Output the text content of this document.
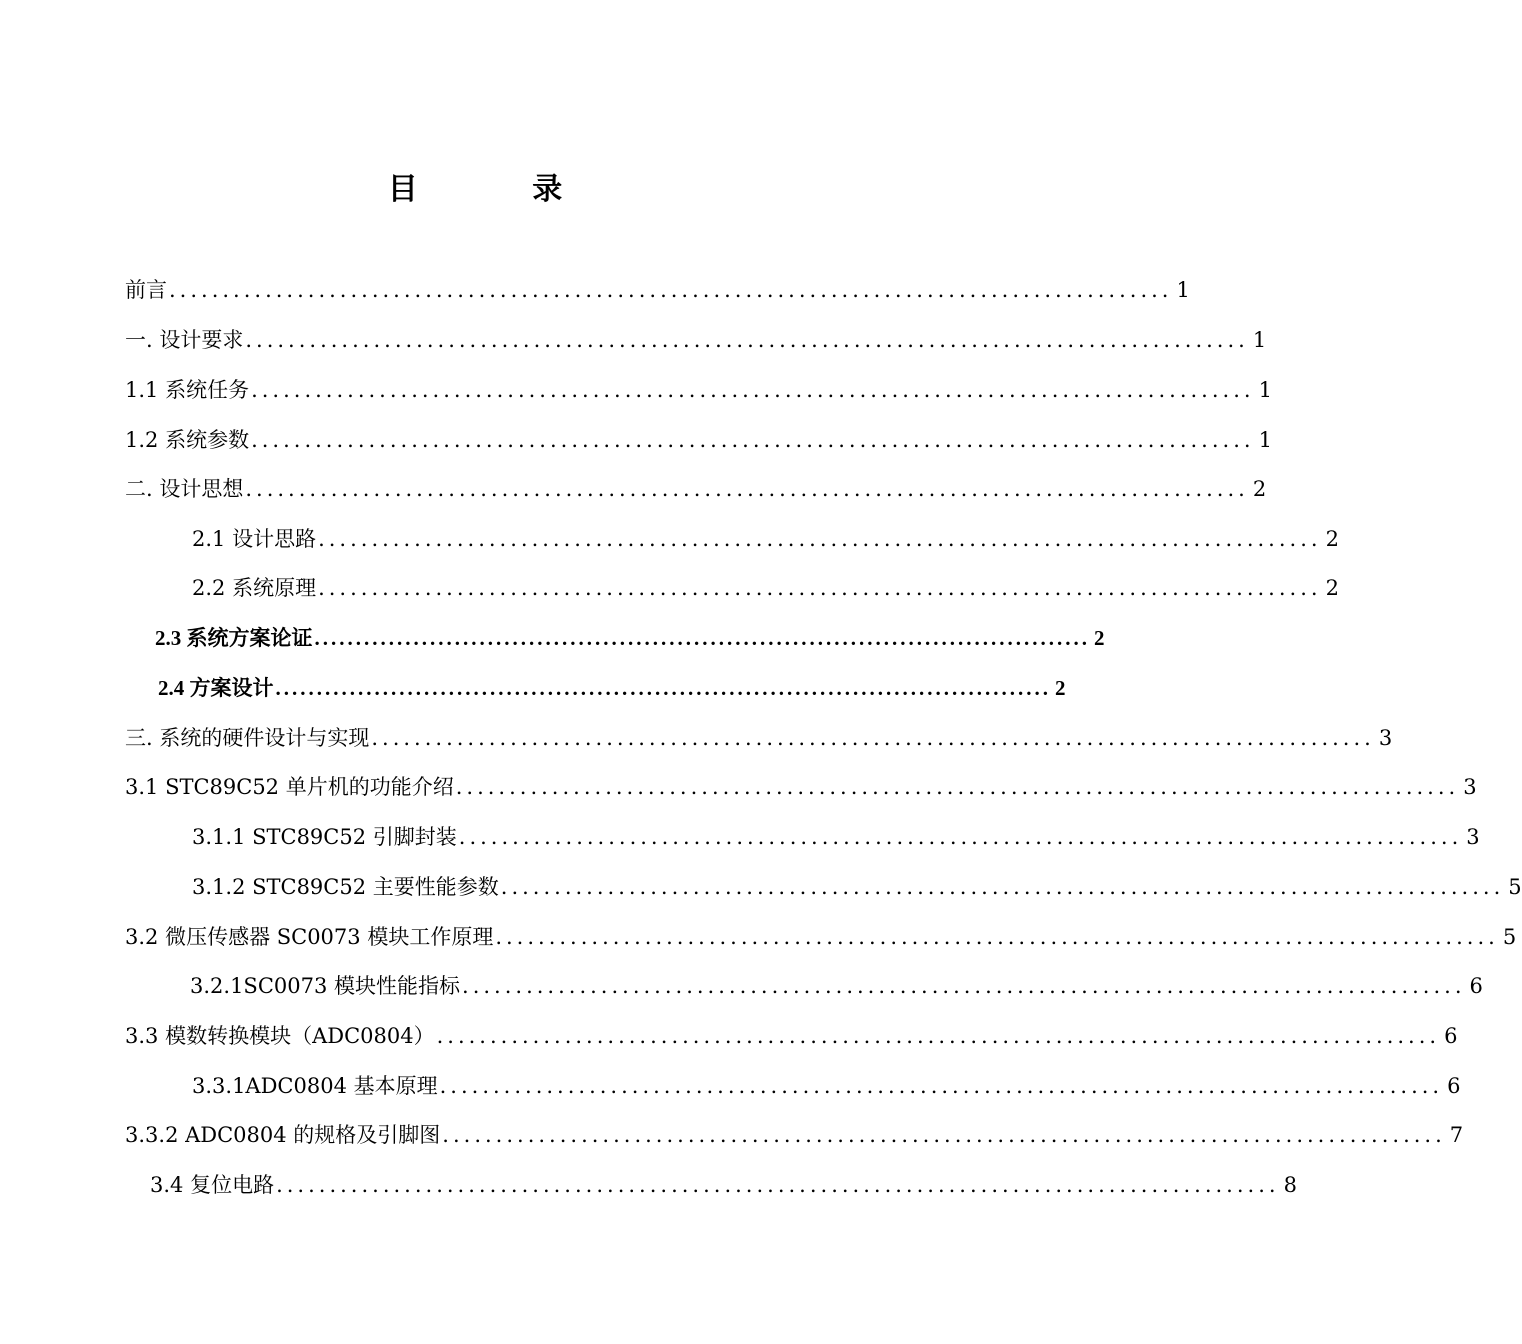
目 录
前言 .............................................................................................. 1
一. 设计要求 .............................................................................................. 1
1.1 系统任务 .............................................................................................. 1
1.2 系统参数 .............................................................................................. 1
二. 设计思想 .............................................................................................. 2
2.1 设计思路 .............................................................................................. 2
2.2 系统原理 .............................................................................................. 2
2.3 系统方案论证 .............................................................................................. 2
2.4 方案设计 .............................................................................................. 2
三. 系统的硬件设计与实现 .............................................................................................. 3
3.1 STC89C52 单片机的功能介绍 .............................................................................................. 3
3.1.1 STC89C52 引脚封装 .............................................................................................. 3
3.1.2 STC89C52 主要性能参数 .............................................................................................. 5
3.2 微压传感器 SC0073 模块工作原理 .............................................................................................. 5
3.2.1SC0073 模块性能指标 .............................................................................................. 6
3.3 模数转换模块（ADC0804） .............................................................................................. 6
3.3.1ADC0804 基本原理 .............................................................................................. 6
3.3.2 ADC0804 的规格及引脚图 .............................................................................................. 7
3.4 复位电路 .............................................................................................. 8
